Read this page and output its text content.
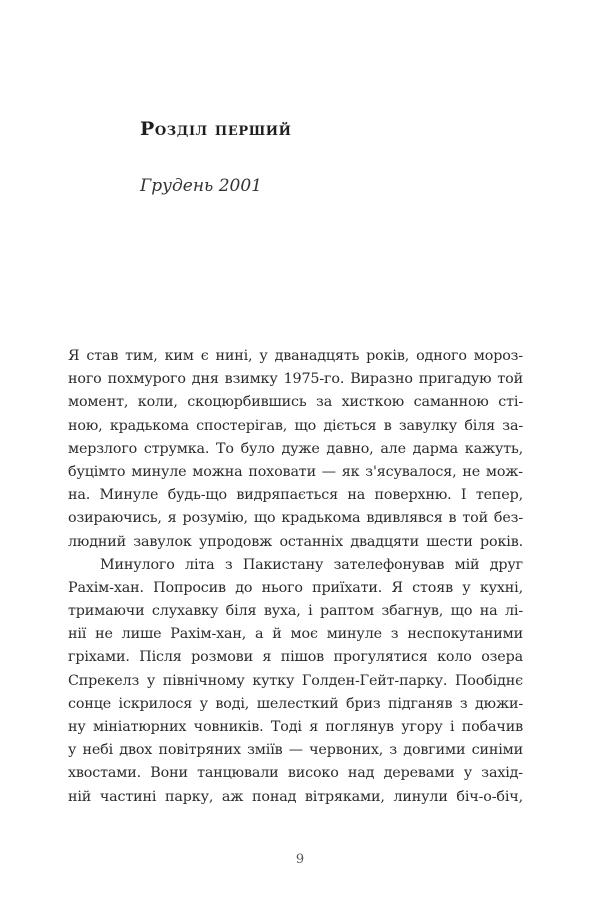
Розділ перший
Грудень 2001
Я став тим, ким є нині, у дванадцять років, одного мороз-
ного похмурого дня взимку 1975-го. Виразно пригадую той
момент, коли, скоцюрбившись за хисткою саманною сті-
ною, крадькома спостерігав, що діється в завулку біля за-
мерзлого струмка. То було дуже давно, але дарма кажуть,
буцімто минуле можна поховати — як з'ясувалося, не мож-
на. Минуле будь-що видряпається на поверхню. І тепер,
озираючись, я розумію, що крадькома вдивлявся в той без-
людний завулок упродовж останніх двадцяти шести років.
Минулого літа з Пакистану зателефонував мій друг
Рахім-хан. Попросив до нього приїхати. Я стояв у кухні,
тримаючи слухавку біля вуха, і раптом збагнув, що на лі-
нії не лише Рахім-хан, а й моє минуле з неспокутаними
гріхами. Після розмови я пішов прогулятися коло озера
Спрекелз у північному кутку Голден-Гейт-парку. Пообіднє
сонце іскрилося у воді, шелесткий бриз підганяв з дюжи-
ну мініатюрних човників. Тоді я поглянув угору і побачив
у небі двох повітряних зміїв — червоних, з довгими синіми
хвостами. Вони танцювали високо над деревами у захід-
ній частині парку, аж понад вітряками, линули біч-о-біч,
9
